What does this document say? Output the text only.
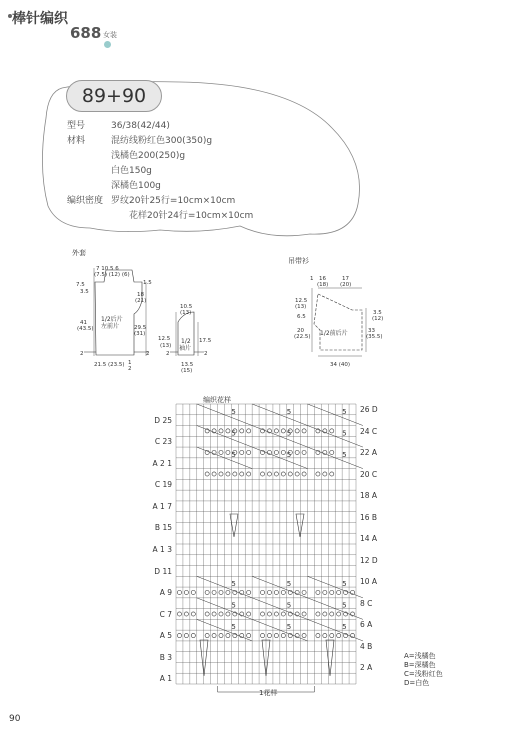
棒针编织
688 女装
89+90
型号	36/38(42/44)
材料	混纺线粉红色300(350)g
浅橘色200(250)g
白色150g
深橘色100g
编织密度 罗纹20针25行=10cm×10cm
花样20针24行=10cm×10cm
外套
7 10.5 6
(7.5) (12) (6)
7.5
3.5
1.5
18
(21)
41
(43.5)	29.5
(31)
1/2后片
左前片
2	2
21.5 (23.5) 1
2
10.5
(13)
12.5
(13)
17.5
1/2
袖片
2	2
13.5
(15)
吊带衫
1 16
(18)
17
(20)
12.5
(13)
6.5
20
(22.5)
3.5
(12)
33
(35.5)
1/2前后片
34 (40)
编织花样
5	5	5
5	5	5
5	5	5
5	5	5
5	5	5
5	5	5
D 25
C 23
A 2 1
C 19
A 1 7
B 15
A 1 3
D 11
A 9
C 7
A 5
B 3
A 1
26 D
24 C
22 A
20 C
18 A
16 B
14 A
12 D
10 A
8 C
6 A
4 B
2 A
1花样
A=浅橘色
B=深橘色
C=浅粉红色
D=白色
90
